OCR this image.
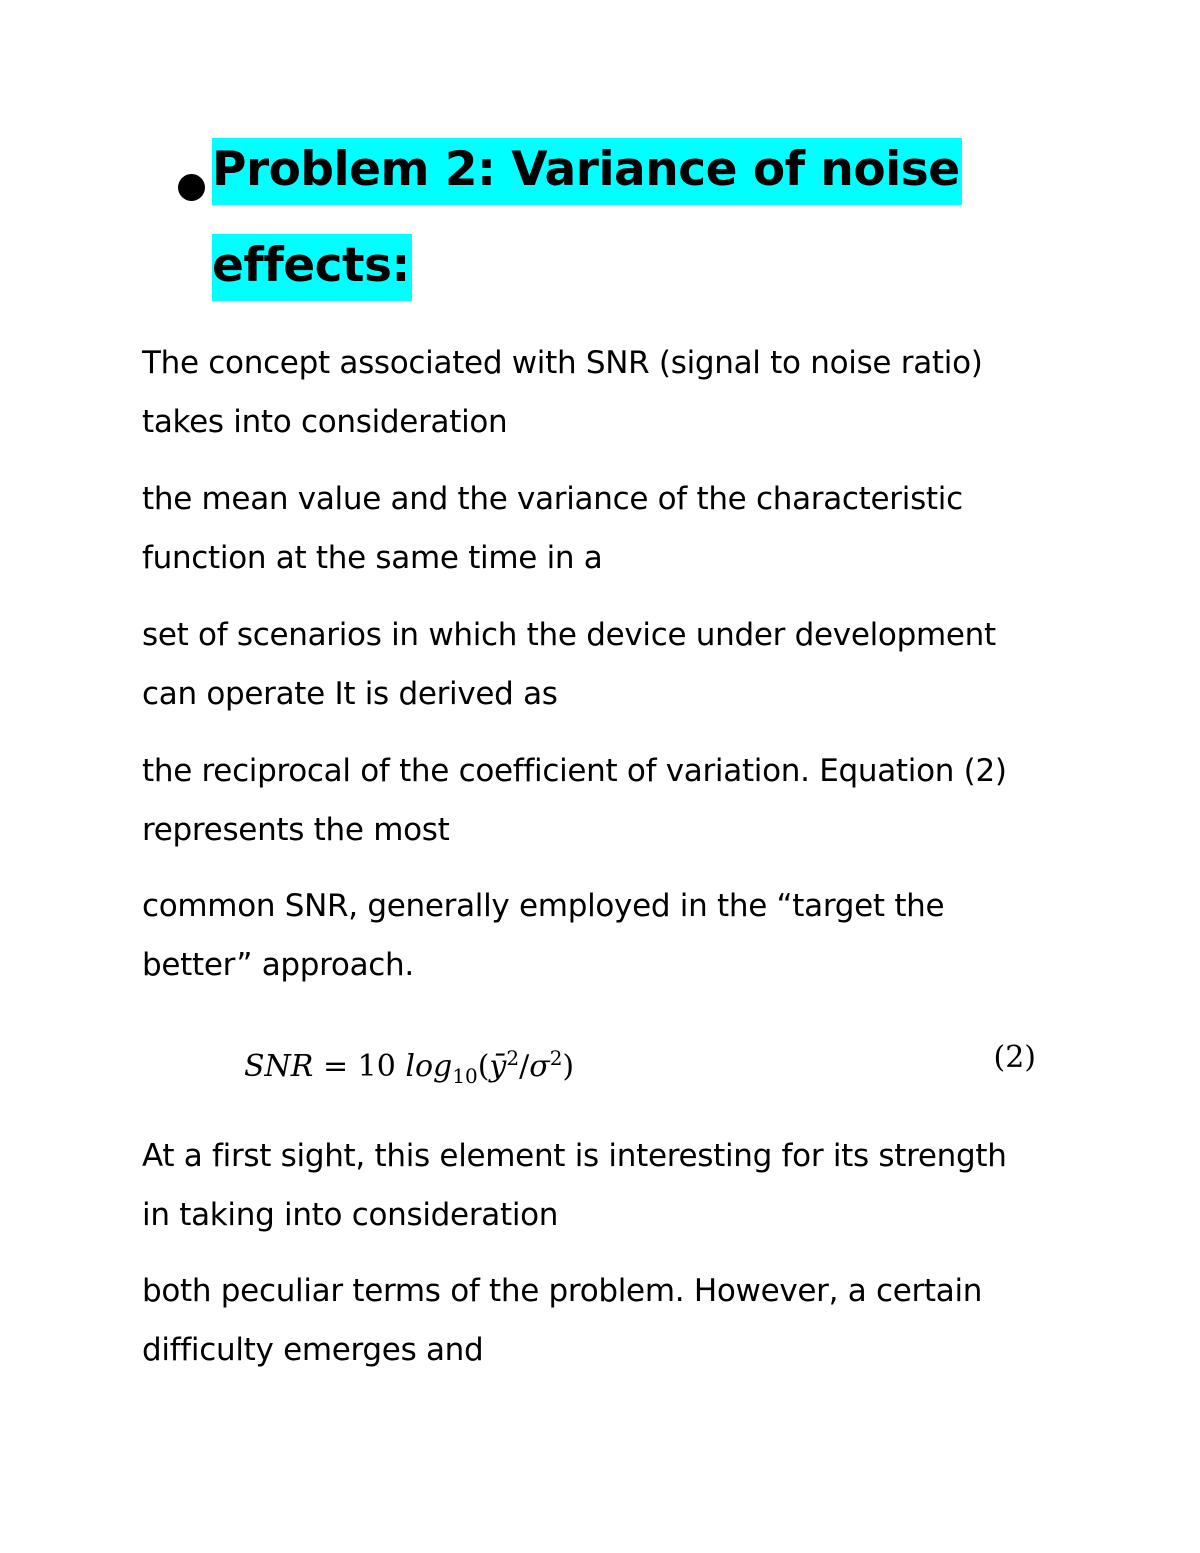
Problem 2: Variance of noise
effects:
The concept associated with SNR (signal to noise ratio)
takes into consideration
the mean value and the variance of the characteristic
function at the same time in a
set of scenarios in which the device under development
can operate It is derived as
the reciprocal of the coefficient of variation. Equation (2)
represents the most
common SNR, generally employed in the “target the
better” approach.
SNR = 10 $\log_{10}(ȳ^2/\sigma^2)$	(2)
At a first sight, this element is interesting for its strength
in taking into consideration
both peculiar terms of the problem. However, a certain
difficulty emerges and
